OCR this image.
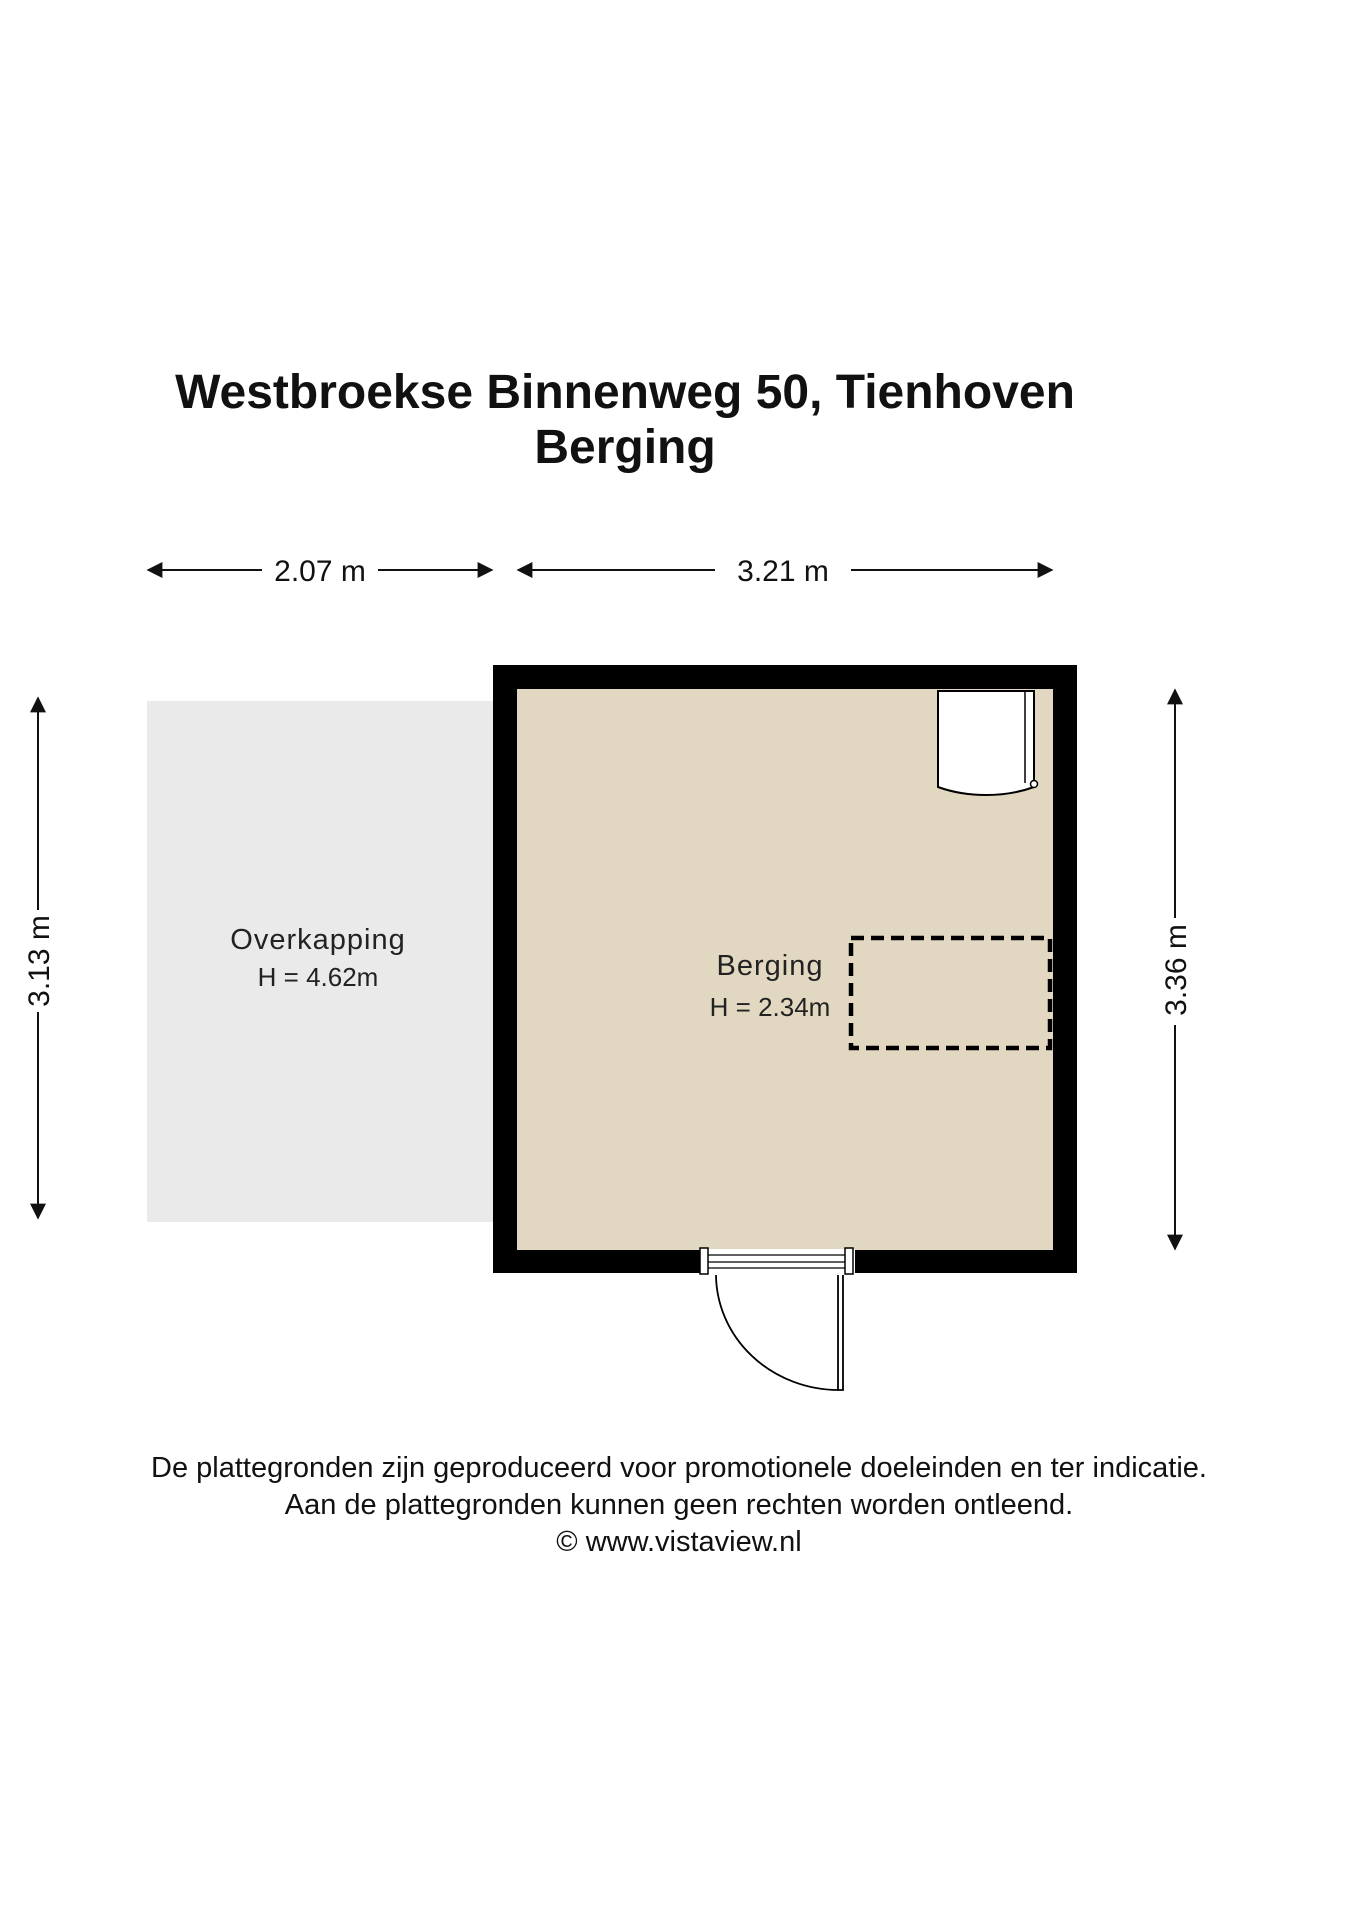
Westbroekse Binnenweg 50, Tienhoven
Berging
2.07 m	3.21 m
3.13 m	3.36 m
Overkapping
H = 4.62m	Berging
H = 2.34m
De plattegronden zijn geproduceerd voor promotionele doeleinden en ter indicatie.
Aan de plattegronden kunnen geen rechten worden ontleend.
© www.vistaview.nl
